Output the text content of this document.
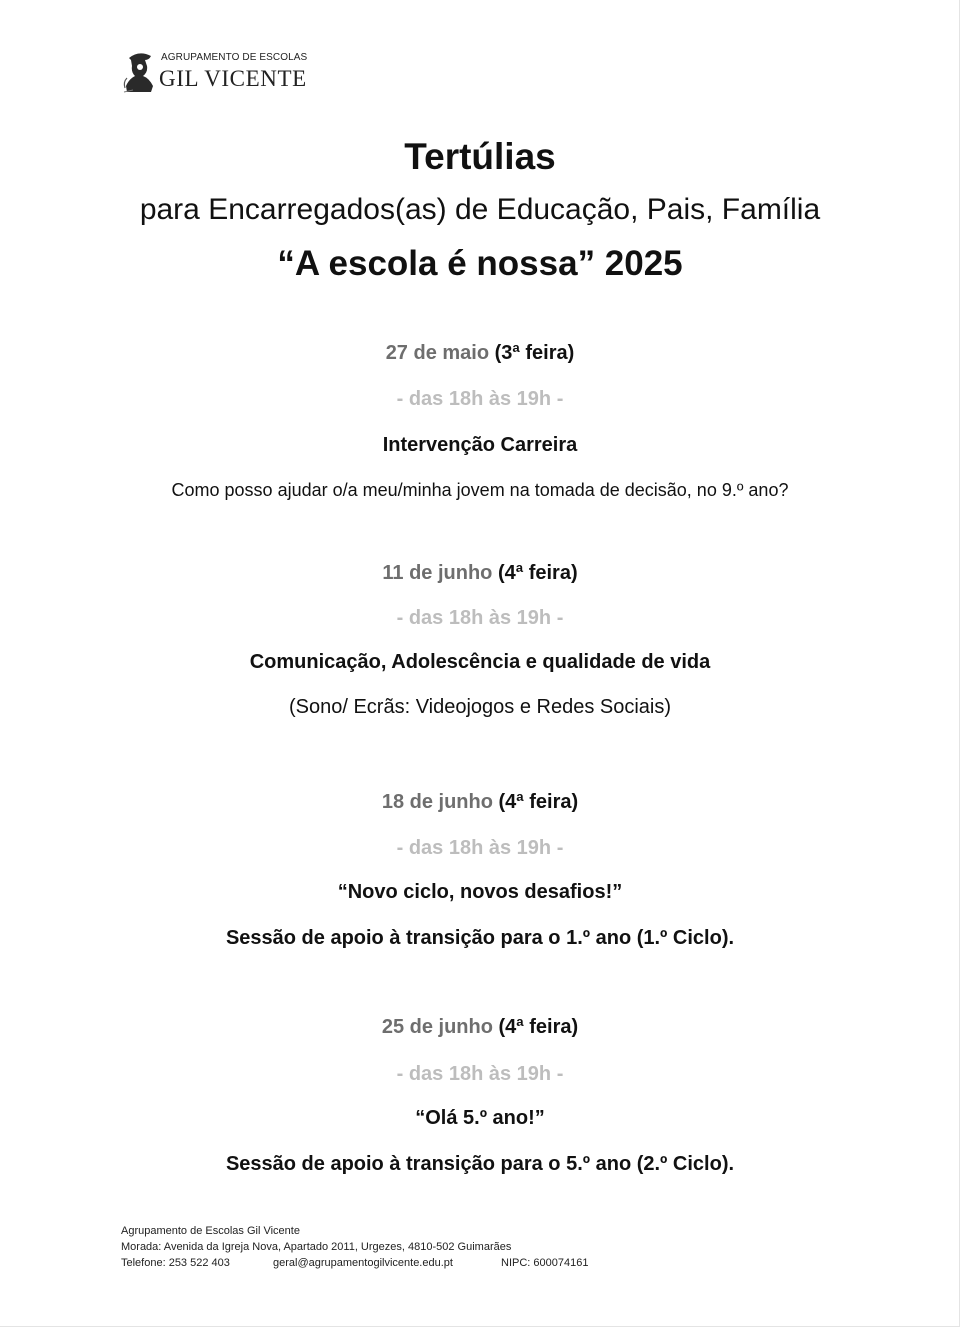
AGRUPAMENTO DE ESCOLAS
GIL VICENTE
Tertúlias
para Encarregados(as) de Educação, Pais, Família
“A escola é nossa” 2025
27 de maio (3ª feira)
- das 18h às 19h -
Intervenção Carreira
Como posso ajudar o/a meu/minha jovem na tomada de decisão, no 9.º ano?
11 de junho (4ª feira)
- das 18h às 19h -
Comunicação, Adolescência e qualidade de vida
(Sono/ Ecrãs: Videojogos e Redes Sociais)
18 de junho (4ª feira)
- das 18h às 19h -
“Novo ciclo, novos desafios!”
Sessão de apoio à transição para o 1.º ano (1.º Ciclo).
25 de junho (4ª feira)
- das 18h às 19h -
“Olá 5.º ano!”
Sessão de apoio à transição para o 5.º ano (2.º Ciclo).
Agrupamento de Escolas Gil Vicente
Morada: Avenida da Igreja Nova, Apartado 2011, Urgezes, 4810-502 Guimarães
Telefone: 253 522 403	geral@agrupamentogilvicente.edu.pt	NIPC: 600074161
